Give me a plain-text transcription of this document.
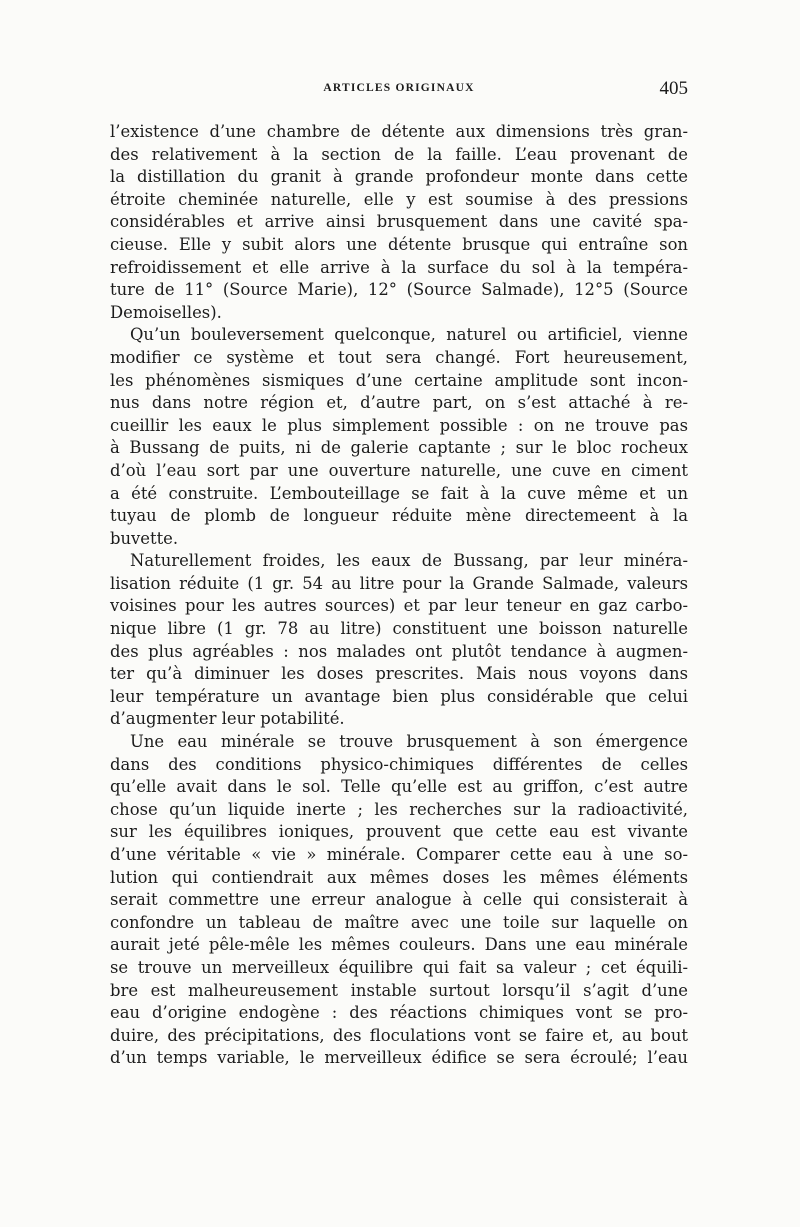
ARTICLES ORIGINAUX	405
l’existence d’une chambre de détente aux dimensions très gran-
des relativement à la section de la faille. L’eau provenant de
la distillation du granit à grande profondeur monte dans cette
étroite cheminée naturelle, elle y est soumise à des pressions
considérables et arrive ainsi brusquement dans une cavité spa-
cieuse. Elle y subit alors une détente brusque qui entraîne son
refroidissement et elle arrive à la surface du sol à la tempéra-
ture de 11° (Source Marie), 12° (Source Salmade), 12°5 (Source
Demoiselles).
Qu’un bouleversement quelconque, naturel ou artificiel, vienne
modifier ce système et tout sera changé. Fort heureusement,
les phénomènes sismiques d’une certaine amplitude sont incon-
nus dans notre région et, d’autre part, on s’est attaché à re-
cueillir les eaux le plus simplement possible : on ne trouve pas
à Bussang de puits, ni de galerie captante ; sur le bloc rocheux
d’où l’eau sort par une ouverture naturelle, une cuve en ciment
a été construite. L’embouteillage se fait à la cuve même et un
tuyau de plomb de longueur réduite mène directemeent à la
buvette.
Naturellement froides, les eaux de Bussang, par leur minéra-
lisation réduite (1 gr. 54 au litre pour la Grande Salmade, valeurs
voisines pour les autres sources) et par leur teneur en gaz carbo-
nique libre (1 gr. 78 au litre) constituent une boisson naturelle
des plus agréables : nos malades ont plutôt tendance à augmen-
ter qu’à diminuer les doses prescrites. Mais nous voyons dans
leur température un avantage bien plus considérable que celui
d’augmenter leur potabilité.
Une eau minérale se trouve brusquement à son émergence
dans des conditions physico-chimiques différentes de celles
qu’elle avait dans le sol. Telle qu’elle est au griffon, c’est autre
chose qu’un liquide inerte ; les recherches sur la radioactivité,
sur les équilibres ioniques, prouvent que cette eau est vivante
d’une véritable « vie » minérale. Comparer cette eau à une so-
lution qui contiendrait aux mêmes doses les mêmes éléments
serait commettre une erreur analogue à celle qui consisterait à
confondre un tableau de maître avec une toile sur laquelle on
aurait jeté pêle-mêle les mêmes couleurs. Dans une eau minérale
se trouve un merveilleux équilibre qui fait sa valeur ; cet équili-
bre est malheureusement instable surtout lorsqu’il s’agit d’une
eau d’origine endogène : des réactions chimiques vont se pro-
duire, des précipitations, des floculations vont se faire et, au bout
d’un temps variable, le merveilleux édifice se sera écroulé; l’eau
